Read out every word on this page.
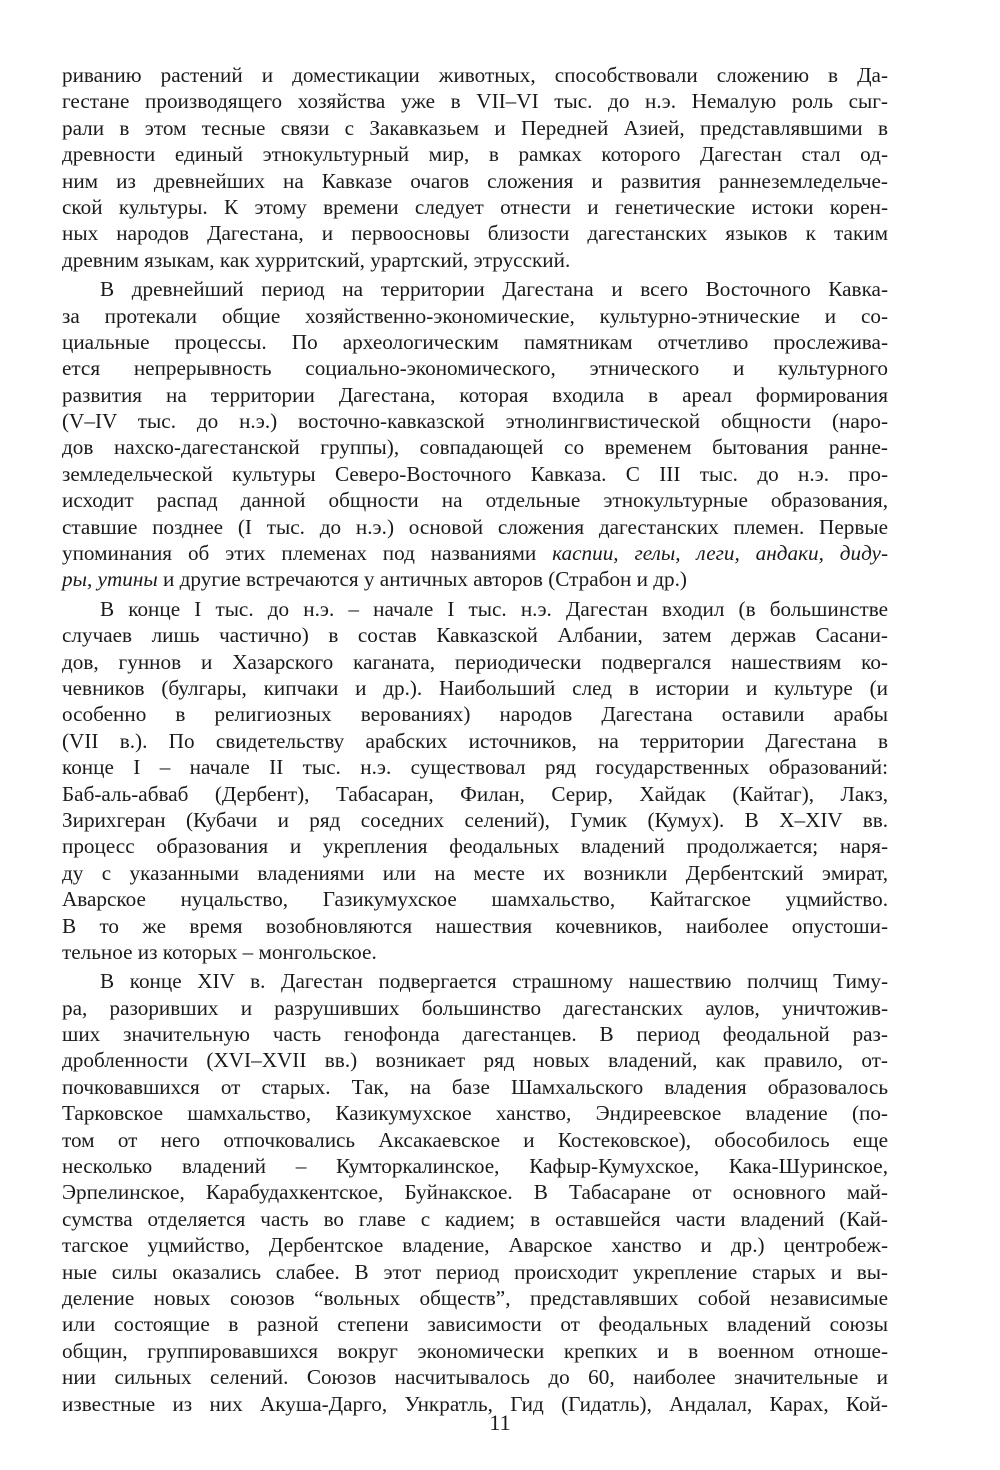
риванию растений и доместикации животных, способствовали сложению в Да-
гестане производящего хозяйства уже в VII–VI тыс. до н.э. Немалую роль сыг-
рали в этом тесные связи с Закавказьем и Передней Азией, представлявшими в
древности единый этнокультурный мир, в рамках которого Дагестан стал од-
ним из древнейших на Кавказе очагов сложения и развития раннеземледельче-
ской культуры. К этому времени следует отнести и генетические истоки корен-
ных народов Дагестана, и первоосновы близости дагестанских языков к таким
древним языкам, как хурритский, урартский, этрусский.
В древнейший период на территории Дагестана и всего Восточного Кавка-
за протекали общие хозяйственно-экономические, культурно-этнические и со-
циальные процессы. По археологическим памятникам отчетливо прослежива-
ется непрерывность социально-экономического, этнического и культурного
развития на территории Дагестана, которая входила в ареал формирования
(V–IV тыс. до н.э.) восточно-кавказской этнолингвистической общности (наро-
дов нахско-дагестанской группы), совпадающей со временем бытования ранне-
земледельческой культуры Северо-Восточного Кавказа. С III тыс. до н.э. про-
исходит распад данной общности на отдельные этнокультурные образования,
ставшие позднее (I тыс. до н.э.) основой сложения дагестанских племен. Первые
упоминания об этих племенах под названиями каспии, гелы, леги, андаки, диду-
ры, утины и другие встречаются у античных авторов (Страбон и др.)
В конце I тыс. до н.э. – начале I тыс. н.э. Дагестан входил (в большинстве
случаев лишь частично) в состав Кавказской Албании, затем держав Сасани-
дов, гуннов и Хазарского каганата, периодически подвергался нашествиям ко-
чевников (булгары, кипчаки и др.). Наибольший след в истории и культуре (и
особенно в религиозных верованиях) народов Дагестана оставили арабы
(VII в.). По свидетельству арабских источников, на территории Дагестана в
конце I – начале II тыс. н.э. существовал ряд государственных образований:
Баб-аль-абваб (Дербент), Табасаран, Филан, Серир, Хайдак (Кайтаг), Лакз,
Зирихгеран (Кубачи и ряд соседних селений), Гумик (Кумух). В X–XIV вв.
процесс образования и укрепления феодальных владений продолжается; наря-
ду с указанными владениями или на месте их возникли Дербентский эмират,
Аварское нуцальство, Газикумухское шамхальство, Кайтагское уцмийство.
В то же время возобновляются нашествия кочевников, наиболее опустоши-
тельное из которых – монгольское.
В конце XIV в. Дагестан подвергается страшному нашествию полчищ Тиму-
ра, разоривших и разрушивших большинство дагестанских аулов, уничтожив-
ших значительную часть генофонда дагестанцев. В период феодальной раз-
дробленности (XVI–XVII вв.) возникает ряд новых владений, как правило, от-
почковавшихся от старых. Так, на базе Шамхальского владения образовалось
Тарковское шамхальство, Казикумухское ханство, Эндиреевское владение (по-
том от него отпочковались Аксакаевское и Костековское), обособилось еще
несколько владений – Кумторкалинское, Кафыр-Кумухское, Кака-Шуринское,
Эрпелинское, Карабудахкентское, Буйнакское. В Табасаране от основного май-
сумства отделяется часть во главе с кадием; в оставшейся части владений (Кай-
тагское уцмийство, Дербентское владение, Аварское ханство и др.) центробеж-
ные силы оказались слабее. В этот период происходит укрепление старых и вы-
деление новых союзов “вольных обществ”, представлявших собой независимые
или состоящие в разной степени зависимости от феодальных владений союзы
общин, группировавшихся вокруг экономически крепких и в военном отноше-
нии сильных селений. Союзов насчитывалось до 60, наиболее значительные и
известные из них Акуша-Дарго, Ункратль, Гид (Гидатль), Андалал, Карах, Кой-
11
